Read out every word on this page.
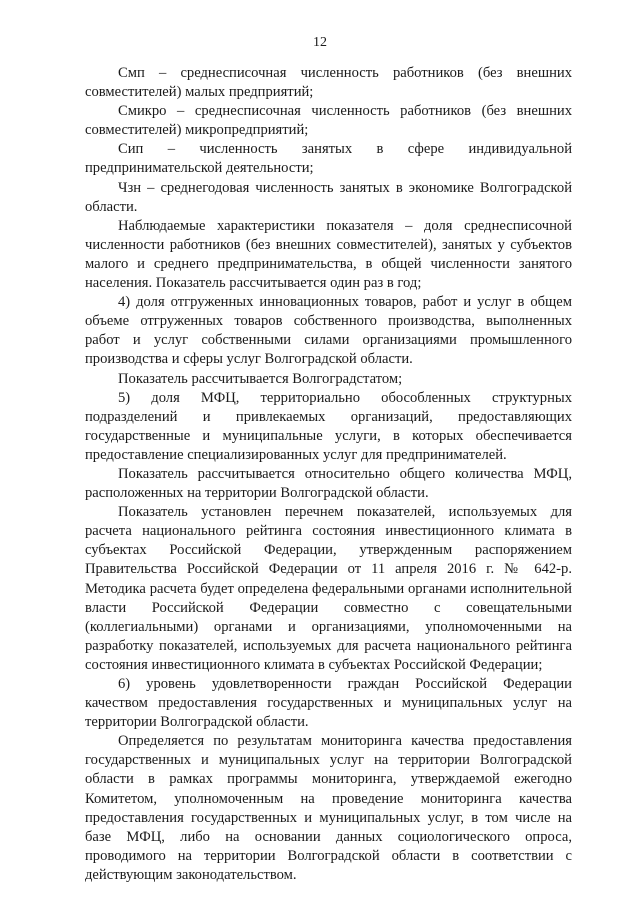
12

Смп – среднесписочная численность работников (без внешних совместителей) малых предприятий;

Смикро – среднесписочная численность работников (без внешних совместителей) микропредприятий;

Сип – численность занятых в сфере индивидуальной предпринимательской деятельности;

Чзн – среднегодовая численность занятых в экономике Волгоградской области.

Наблюдаемые характеристики показателя – доля среднесписочной численности работников (без внешних совместителей), занятых у субъектов малого и среднего предпринимательства, в общей численности занятого населения. Показатель рассчитывается один раз в год;

4) доля отгруженных инновационных товаров, работ и услуг в общем объеме отгруженных товаров собственного производства, выполненных работ и услуг собственными силами организациями промышленного производства и сферы услуг Волгоградской области.

Показатель рассчитывается Волгоградстатом;

5) доля МФЦ, территориально обособленных структурных подразделений и привлекаемых организаций, предоставляющих государственные и муниципальные услуги, в которых обеспечивается предоставление специализированных услуг для предпринимателей.

Показатель рассчитывается относительно общего количества МФЦ, расположенных на территории Волгоградской области.

Показатель установлен перечнем показателей, используемых для расчета национального рейтинга состояния инвестиционного климата в субъектах Российской Федерации, утвержденным распоряжением Правительства Российской Федерации от 11 апреля 2016 г. № 642-р. Методика расчета будет определена федеральными органами исполнительной власти Российской Федерации совместно с совещательными (коллегиальными) органами и организациями, уполномоченными на разработку показателей, используемых для расчета национального рейтинга состояния инвестиционного климата в субъектах Российской Федерации;

6) уровень удовлетворенности граждан Российской Федерации качеством предоставления государственных и муниципальных услуг на территории Волгоградской области.

Определяется по результатам мониторинга качества предоставления государственных и муниципальных услуг на территории Волгоградской области в рамках программы мониторинга, утверждаемой ежегодно Комитетом, уполномоченным на проведение мониторинга качества предоставления государственных и муниципальных услуг, в том числе на базе МФЦ, либо на основании данных социологического опроса, проводимого на территории Волгоградской области в соответствии с действующим законодательством.
